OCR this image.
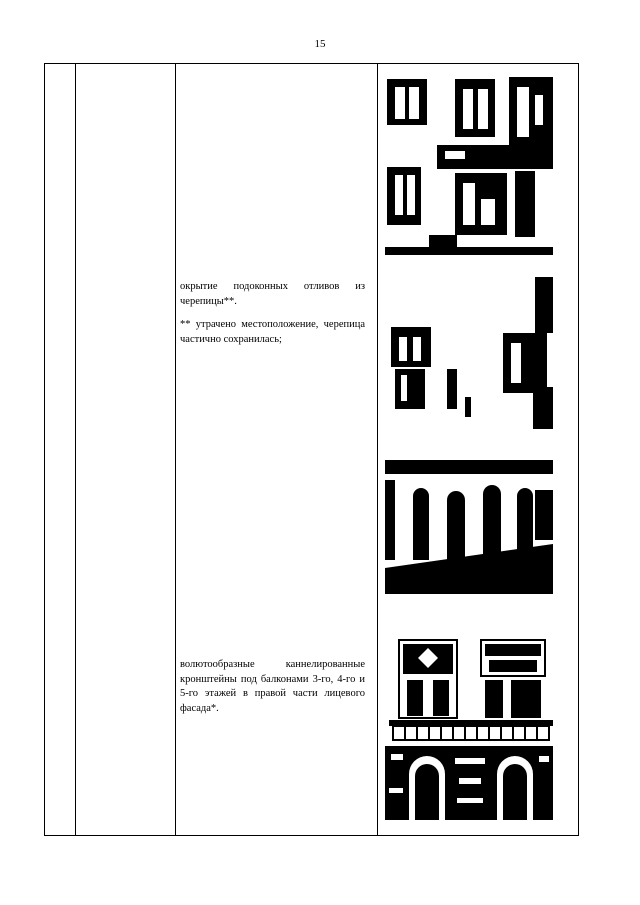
15

окрытие подоконных отливов из черепицы**.

** утрачено местоположение, черепица частично сохранилась;

волютообразные каннелированные кронштейны под балконами 3-го, 4-го и 5-го этажей в правой части лицевого фасада*.
